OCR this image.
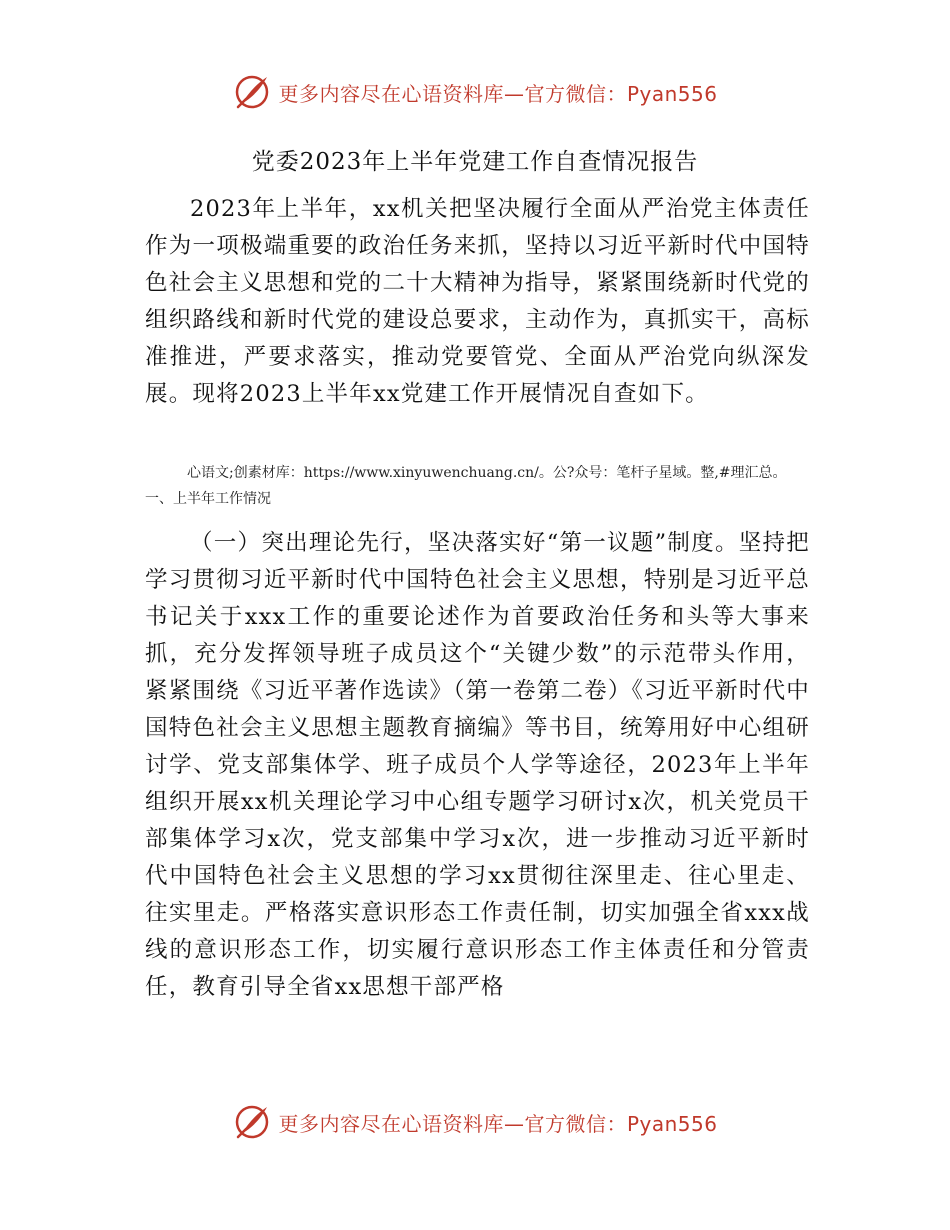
更多内容尽在心语资料库—官方微信：Pyan556
党委2023年上半年党建工作自查情况报告

2023年上半年，xx机关把坚决履行全面从严治党主体责任作为一项极端重要的政治任务来抓，坚持以习近平新时代中国特色社会主义思想和党的二十大精神为指导，紧紧围绕新时代党的组织路线和新时代党的建设总要求，主动作为，真抓实干，高标准推进，严要求落实，推动党要管党、全面从严治党向纵深发展。现将2023上半年xx党建工作开展情况自查如下。

心语文;创素材库：https://www.xinyuwenchuang.cn/。公?众号：笔杆子星域。整,#理汇总。一、上半年工作情况

（一）突出理论先行，坚决落实好“第一议题”制度。坚持把学习贯彻习近平新时代中国特色社会主义思想，特别是习近平总书记关于xxx工作的重要论述作为首要政治任务和头等大事来抓，充分发挥领导班子成员这个“关键少数”的示范带头作用，紧紧围绕《习近平著作选读》（第一卷第二卷）《习近平新时代中国特色社会主义思想主题教育摘编》等书目，统筹用好中心组研讨学、党支部集体学、班子成员个人学等途径，2023年上半年组织开展xx机关理论学习中心组专题学习研讨x次，机关党员干部集体学习x次，党支部集中学习x次，进一步推动习近平新时代中国特色社会主义思想的学习xx贯彻往深里走、往心里走、往实里走。严格落实意识形态工作责任制，切实加强全省xxx战线的意识形态工作，切实履行意识形态工作主体责任和分管责任，教育引导全省xx思想干部严格

更多内容尽在心语资料库—官方微信：Pyan556
